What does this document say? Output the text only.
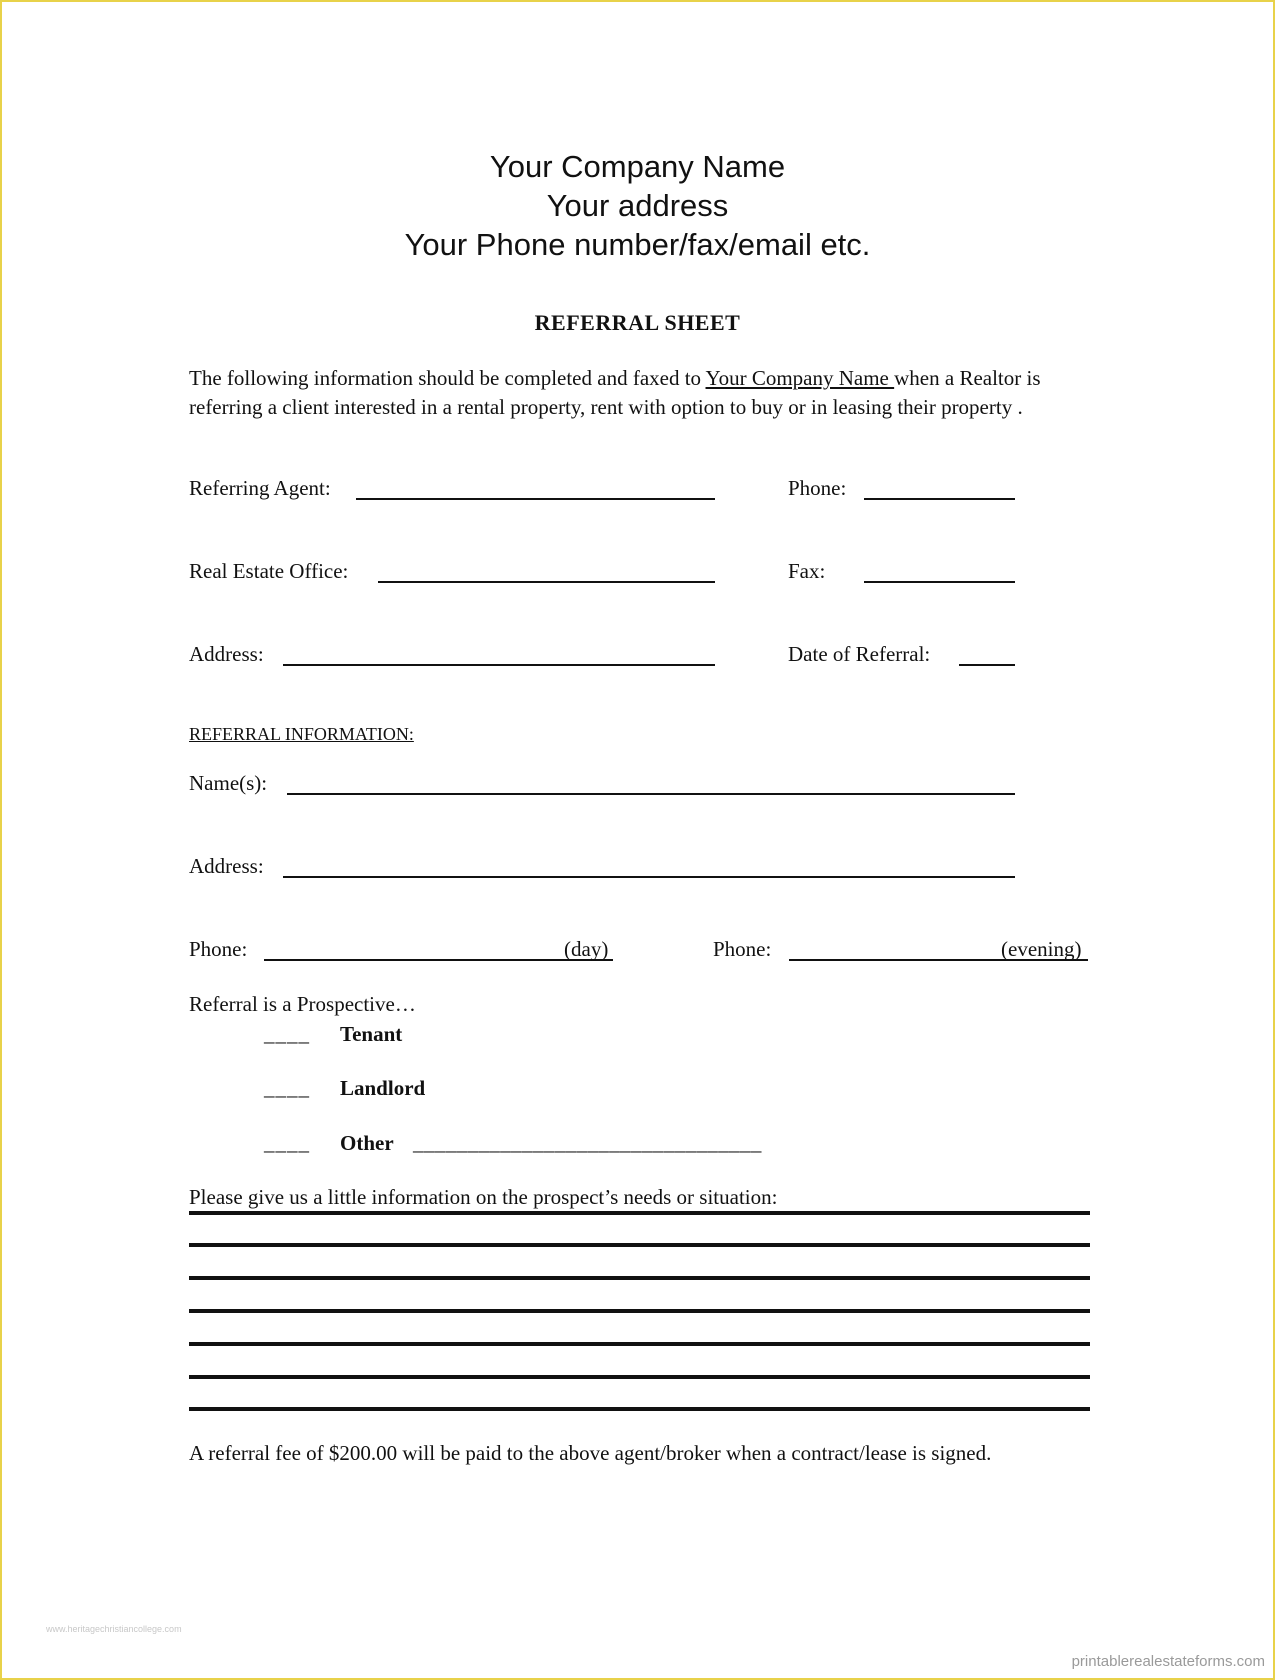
Your Company Name
Your address
Your Phone number/fax/email etc.
REFERRAL SHEET
The following information should be completed and faxed to Your Company Name when a Realtor is referring a client interested in a rental property, rent with option to buy or in leasing their property .
Referring Agent:	Phone:
Real Estate Office:	Fax:
Address:	Date of Referral:
REFERRAL INFORMATION:
Name(s):
Address:
Phone:	(day)	Phone:	(evening)
Referral is a Prospective…
____ Tenant
____ Landlord
____ Other ________________________________
Please give us a little information on the prospect’s needs or situation:
A referral fee of $200.00 will be paid to the above agent/broker when a contract/lease is signed.
www.heritagechristiancollege.com
printablerealestateforms.com
